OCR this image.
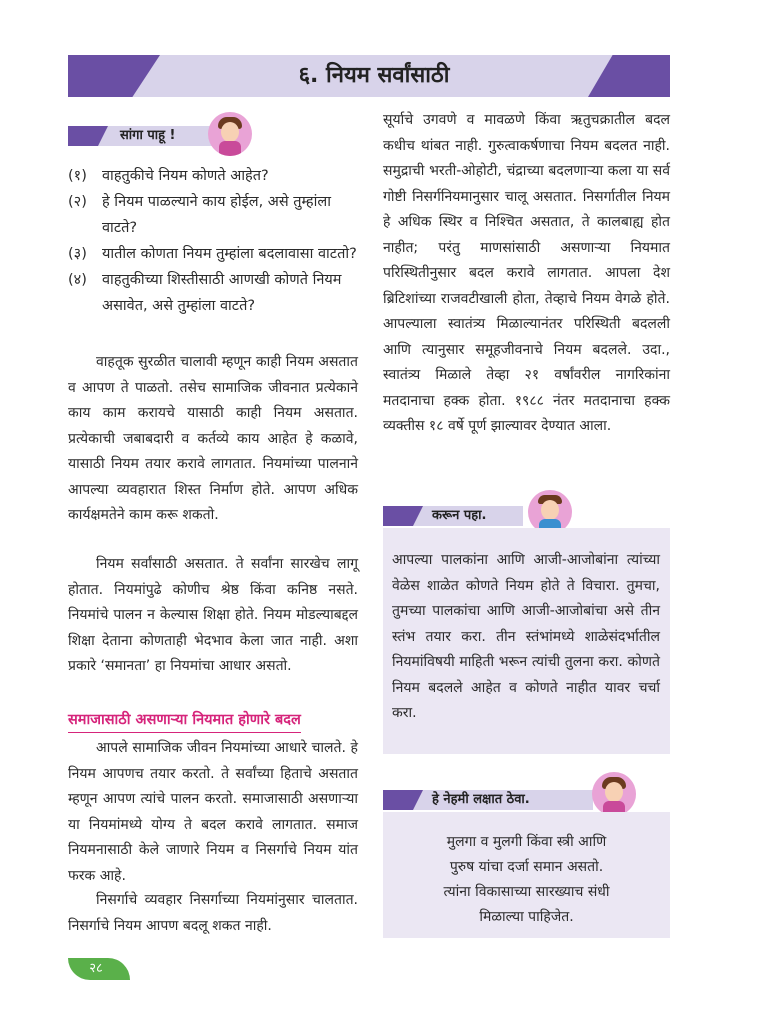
६. नियम सर्वांसाठी
सांगा पाहू !
(१)	वाहतुकीचे नियम कोणते आहेत?
(२)	हे नियम पाळल्याने काय होईल, असे तुम्हांला वाटते?
(३)	यातील कोणता नियम तुम्हांला बदलावासा वाटतो?
(४)	वाहतुकीच्या शिस्तीसाठी आणखी कोणते नियम असावेत, असे तुम्हांला वाटते?
वाहतूक सुरळीत चालावी म्हणून काही नियम असतात व आपण ते पाळतो. तसेच सामाजिक जीवनात प्रत्येकाने काय काम करायचे यासाठी काही नियम असतात. प्रत्येकाची जबाबदारी व कर्तव्ये काय आहेत हे कळावे, यासाठी नियम तयार करावे लागतात. नियमांच्या पालनाने आपल्या व्यवहारात शिस्त निर्माण होते. आपण अधिक कार्यक्षमतेने काम करू शकतो.
नियम सर्वांसाठी असतात. ते सर्वांना सारखेच लागू होतात. नियमांपुढे कोणीच श्रेष्ठ किंवा कनिष्ठ नसते. नियमांचे पालन न केल्यास शिक्षा होते. नियम मोडल्याबद्दल शिक्षा देताना कोणताही भेदभाव केला जात नाही. अशा प्रकारे ‘समानता’ हा नियमांचा आधार असतो.
समाजासाठी असणाऱ्या नियमात होणारे बदल
आपले सामाजिक जीवन नियमांच्या आधारे चालते. हे नियम आपणच तयार करतो. ते सर्वांच्या हिताचे असतात म्हणून आपण त्यांचे पालन करतो. समाजासाठी असणाऱ्या या नियमांमध्ये योग्य ते बदल करावे लागतात. समाज नियमनासाठी केले जाणारे नियम व निसर्गाचे नियम यांत फरक आहे.
निसर्गाचे व्यवहार निसर्गाच्या नियमांनुसार चालतात. निसर्गाचे नियम आपण बदलू शकत नाही.
सूर्याचे उगवणे व मावळणे किंवा ऋतुचक्रातील बदल कधीच थांबत नाही. गुरुत्वाकर्षणाचा नियम बदलत नाही. समुद्राची भरती-ओहोटी, चंद्राच्या बदलणाऱ्या कला या सर्व गोष्टी निसर्गनियमानुसार चालू असतात. निसर्गातील नियम हे अधिक स्थिर व निश्चित असतात, ते कालबाह्य होत नाहीत; परंतु माणसांसाठी असणाऱ्या नियमात परिस्थितीनुसार बदल करावे लागतात. आपला देश ब्रिटिशांच्या राजवटीखाली होता, तेव्हाचे नियम वेगळे होते. आपल्याला स्वातंत्र्य मिळाल्यानंतर परिस्थिती बदलली आणि त्यानुसार समूहजीवनाचे नियम बदलले. उदा., स्वातंत्र्य मिळाले तेव्हा २१ वर्षांवरील नागरिकांना मतदानाचा हक्क होता. १९८८ नंतर मतदानाचा हक्क व्यक्तीस १८ वर्षे पूर्ण झाल्यावर देण्यात आला.
करून पहा.
आपल्या पालकांना आणि आजी-आजोबांना त्यांच्या वेळेस शाळेत कोणते नियम होते ते विचारा. तुमचा, तुमच्या पालकांचा आणि आजी-आजोबांचा असे तीन स्तंभ तयार करा. तीन स्तंभांमध्ये शाळेसंदर्भातील नियमांविषयी माहिती भरून त्यांची तुलना करा. कोणते नियम बदलले आहेत व कोणते नाहीत यावर चर्चा करा.
हे नेहमी लक्षात ठेवा.
मुलगा व मुलगी किंवा स्त्री आणि
पुरुष यांचा दर्जा समान असतो.
त्यांना विकासाच्या सारख्याच संधी
मिळाल्या पाहिजेत.
२८
